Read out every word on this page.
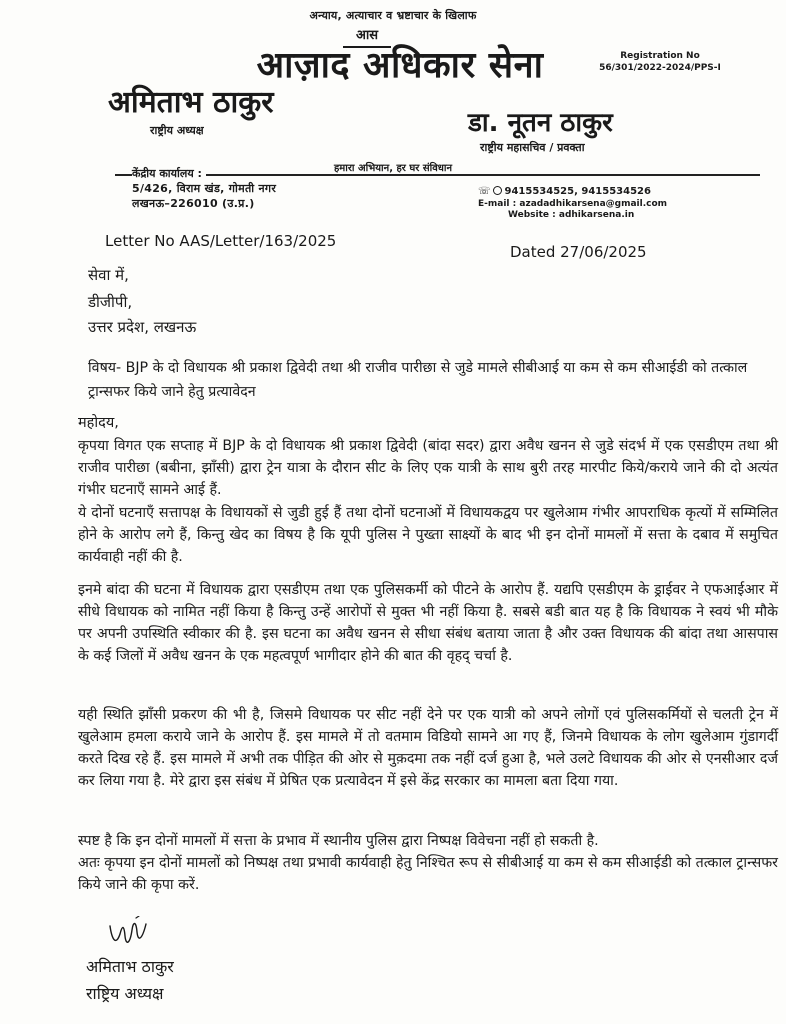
अन्याय, अत्याचार व भ्रष्टाचार के खिलाफ
आस
आज़ाद अधिकार सेना	Registration No
56/301/2022-2024/PPS-I
अमिताभ ठाकुर
राष्ट्रीय अध्यक्ष	डा. नूतन ठाकुर
राष्ट्रीय महासचिव / प्रवक्ता
हमारा अभियान, हर घर संविधान
केंद्रीय कार्यालय :
5/426, विराम खंड, गोमती नगर
लखनऊ–226010 (उ.प्र.)
☏ 9415534525, 9415534526
E-mail : azadadhikarsena@gmail.com
Website : adhikarsena.in
Letter No AAS/Letter/163/2025
Dated 27/06/2025
सेवा में,
डीजीपी,
उत्तर प्रदेश, लखनऊ
विषय- BJP के दो विधायक श्री प्रकाश द्विवेदी तथा श्री राजीव पारीछा से जुडे मामले सीबीआई या कम से कम सीआईडी को तत्काल ट्रान्सफर किये जाने हेतु प्रत्यावेदन
महोदय,
कृपया विगत एक सप्ताह में BJP के दो विधायक श्री प्रकाश द्विवेदी (बांदा सदर) द्वारा अवैध खनन से जुडे संदर्भ में एक एसडीएम तथा श्री राजीव पारीछा (बबीना, झाँसी) द्वारा ट्रेन यात्रा के दौरान सीट के लिए एक यात्री के साथ बुरी तरह मारपीट किये/कराये जाने की दो अत्यंत गंभीर घटनाएँ सामने आई हैं.
ये दोनों घटनाएँ सत्तापक्ष के विधायकों से जुडी हुई हैं तथा दोनों घटनाओं में विधायकद्वय पर खुलेआम गंभीर आपराधिक कृत्यों में सम्मिलित होने के आरोप लगे हैं, किन्तु खेद का विषय है कि यूपी पुलिस ने पुख्ता साक्ष्यों के बाद भी इन दोनों मामलों में सत्ता के दबाव में समुचित कार्यवाही नहीं की है.
इनमे बांदा की घटना में विधायक द्वारा एसडीएम तथा एक पुलिसकर्मी को पीटने के आरोप हैं. यद्यपि एसडीएम के ड्राईवर ने एफआईआर में सीधे विधायक को नामित नहीं किया है किन्तु उन्हें आरोपों से मुक्त भी नहीं किया है. सबसे बडी बात यह है कि विधायक ने स्वयं भी मौके पर अपनी उपस्थिति स्वीकार की है. इस घटना का अवैध खनन से सीधा संबंध बताया जाता है और उक्त विधायक की बांदा तथा आसपास के कई जिलों में अवैध खनन के एक महत्वपूर्ण भागीदार होने की बात की वृहद् चर्चा है.
यही स्थिति झाँसी प्रकरण की भी है, जिसमे विधायक पर सीट नहीं देने पर एक यात्री को अपने लोगों एवं पुलिसकर्मियों से चलती ट्रेन में खुलेआम हमला कराये जाने के आरोप हैं. इस मामले में तो वतमाम विडियो सामने आ गए हैं, जिनमे विधायक के लोग खुलेआम गुंडागर्दी करते दिख रहे हैं. इस मामले में अभी तक पीड़ित की ओर से मुक़दमा तक नहीं दर्ज हुआ है, भले उलटे विधायक की ओर से एनसीआर दर्ज कर लिया गया है. मेरे द्वारा इस संबंध में प्रेषित एक प्रत्यावेदन में इसे केंद्र सरकार का मामला बता दिया गया.
स्पष्ट है कि इन दोनों मामलों में सत्ता के प्रभाव में स्थानीय पुलिस द्वारा निष्पक्ष विवेचना नहीं हो सकती है.
अतः कृपया इन दोनों मामलों को निष्पक्ष तथा प्रभावी कार्यवाही हेतु निश्चित रूप से सीबीआई या कम से कम सीआईडी को तत्काल ट्रान्सफर किये जाने की कृपा करें.
अमिताभ ठाकुर
राष्ट्रिय अध्यक्ष
